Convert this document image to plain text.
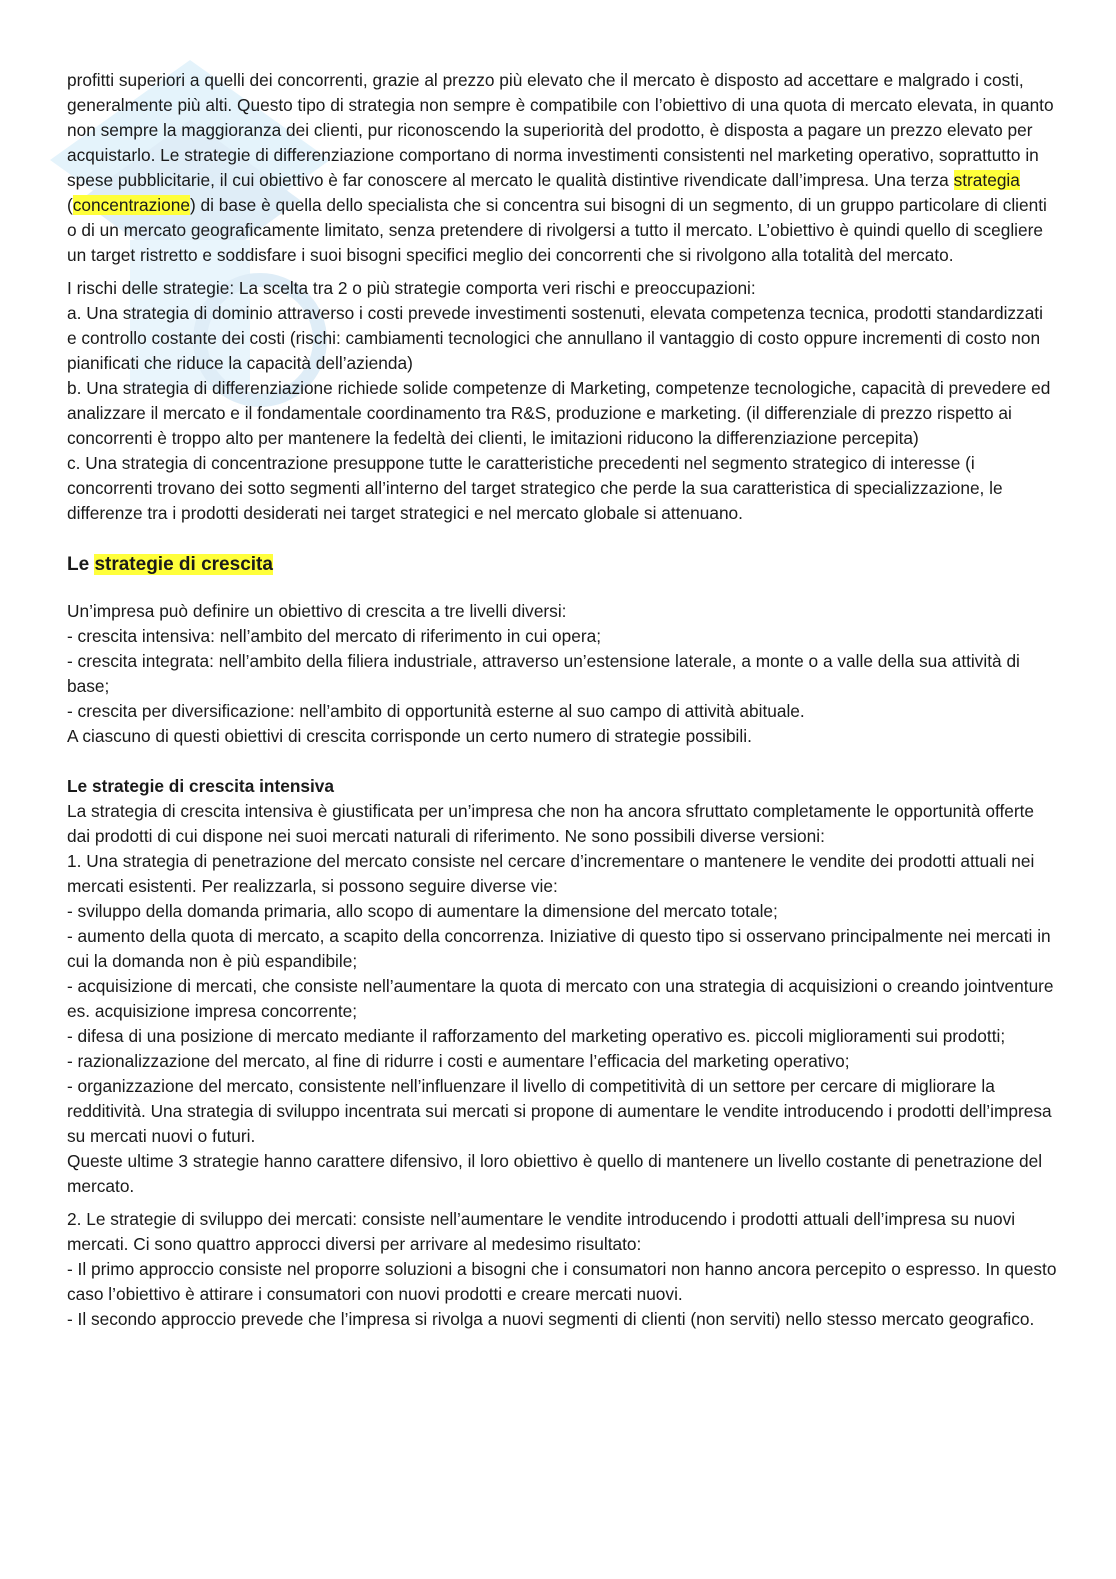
profitti superiori a quelli dei concorrenti, grazie al prezzo più elevato che il mercato è disposto ad accettare e malgrado i costi, generalmente più alti. Questo tipo di strategia non sempre è compatibile con l’obiettivo di una quota di mercato elevata, in quanto non sempre la maggioranza dei clienti, pur riconoscendo la superiorità del prodotto, è disposta a pagare un prezzo elevato per acquistarlo. Le strategie di differenziazione comportano di norma investimenti consistenti nel marketing operativo, soprattutto in spese pubblicitarie, il cui obiettivo è far conoscere al mercato le qualità distintive rivendicate dall’impresa. Una terza strategia (concentrazione) di base è quella dello specialista che si concentra sui bisogni di un segmento, di un gruppo particolare di clienti o di un mercato geograficamente limitato, senza pretendere di rivolgersi a tutto il mercato. L’obiettivo è quindi quello di scegliere un target ristretto e soddisfare i suoi bisogni specifici meglio dei concorrenti che si rivolgono alla totalità del mercato.

I rischi delle strategie: La scelta tra 2 o più strategie comporta veri rischi e preoccupazioni:

a. Una strategia di dominio attraverso i costi prevede investimenti sostenuti, elevata competenza tecnica, prodotti standardizzati e controllo costante dei costi (rischi: cambiamenti tecnologici che annullano il vantaggio di costo oppure incrementi di costo non pianificati che riduce la capacità dell’azienda)

b. Una strategia di differenziazione richiede solide competenze di Marketing, competenze tecnologiche, capacità di prevedere ed analizzare il mercato e il fondamentale coordinamento tra R&S, produzione e marketing. (il differenziale di prezzo rispetto ai concorrenti è troppo alto per mantenere la fedeltà dei clienti, le imitazioni riducono la differenziazione percepita)

c. Una strategia di concentrazione presuppone tutte le caratteristiche precedenti nel segmento strategico di interesse (i concorrenti trovano dei sotto segmenti all’interno del target strategico che perde la sua caratteristica di specializzazione, le differenze tra i prodotti desiderati nei target strategici e nel mercato globale si attenuano.

Le strategie di crescita

Un’impresa può definire un obiettivo di crescita a tre livelli diversi:

- crescita intensiva: nell’ambito del mercato di riferimento in cui opera;

- crescita integrata: nell’ambito della filiera industriale, attraverso un’estensione laterale, a monte o a valle della sua attività di base;

- crescita per diversificazione: nell’ambito di opportunità esterne al suo campo di attività abituale.

A ciascuno di questi obiettivi di crescita corrisponde un certo numero di strategie possibili.

Le strategie di crescita intensiva

La strategia di crescita intensiva è giustificata per un’impresa che non ha ancora sfruttato completamente le opportunità offerte dai prodotti di cui dispone nei suoi mercati naturali di riferimento. Ne sono possibili diverse versioni:

1. Una strategia di penetrazione del mercato consiste nel cercare d’incrementare o mantenere le vendite dei prodotti attuali nei mercati esistenti. Per realizzarla, si possono seguire diverse vie:

- sviluppo della domanda primaria, allo scopo di aumentare la dimensione del mercato totale;

- aumento della quota di mercato, a scapito della concorrenza. Iniziative di questo tipo si osservano principalmente nei mercati in cui la domanda non è più espandibile;

- acquisizione di mercati, che consiste nell’aumentare la quota di mercato con una strategia di acquisizioni o creando jointventure es. acquisizione impresa concorrente;

- difesa di una posizione di mercato mediante il rafforzamento del marketing operativo es. piccoli miglioramenti sui prodotti;

- razionalizzazione del mercato, al fine di ridurre i costi e aumentare l’efficacia del marketing operativo;

- organizzazione del mercato, consistente nell’influenzare il livello di competitività di un settore per cercare di migliorare la redditività. Una strategia di sviluppo incentrata sui mercati si propone di aumentare le vendite introducendo i prodotti dell’impresa su mercati nuovi o futuri.

Queste ultime 3 strategie hanno carattere difensivo, il loro obiettivo è quello di mantenere un livello costante di penetrazione del mercato.

2. Le strategie di sviluppo dei mercati: consiste nell’aumentare le vendite introducendo i prodotti attuali dell’impresa su nuovi mercati. Ci sono quattro approcci diversi per arrivare al medesimo risultato:

- Il primo approccio consiste nel proporre soluzioni a bisogni che i consumatori non hanno ancora percepito o espresso. In questo caso l’obiettivo è attirare i consumatori con nuovi prodotti e creare mercati nuovi.

- Il secondo approccio prevede che l’impresa si rivolga a nuovi segmenti di clienti (non serviti) nello stesso mercato geografico.
